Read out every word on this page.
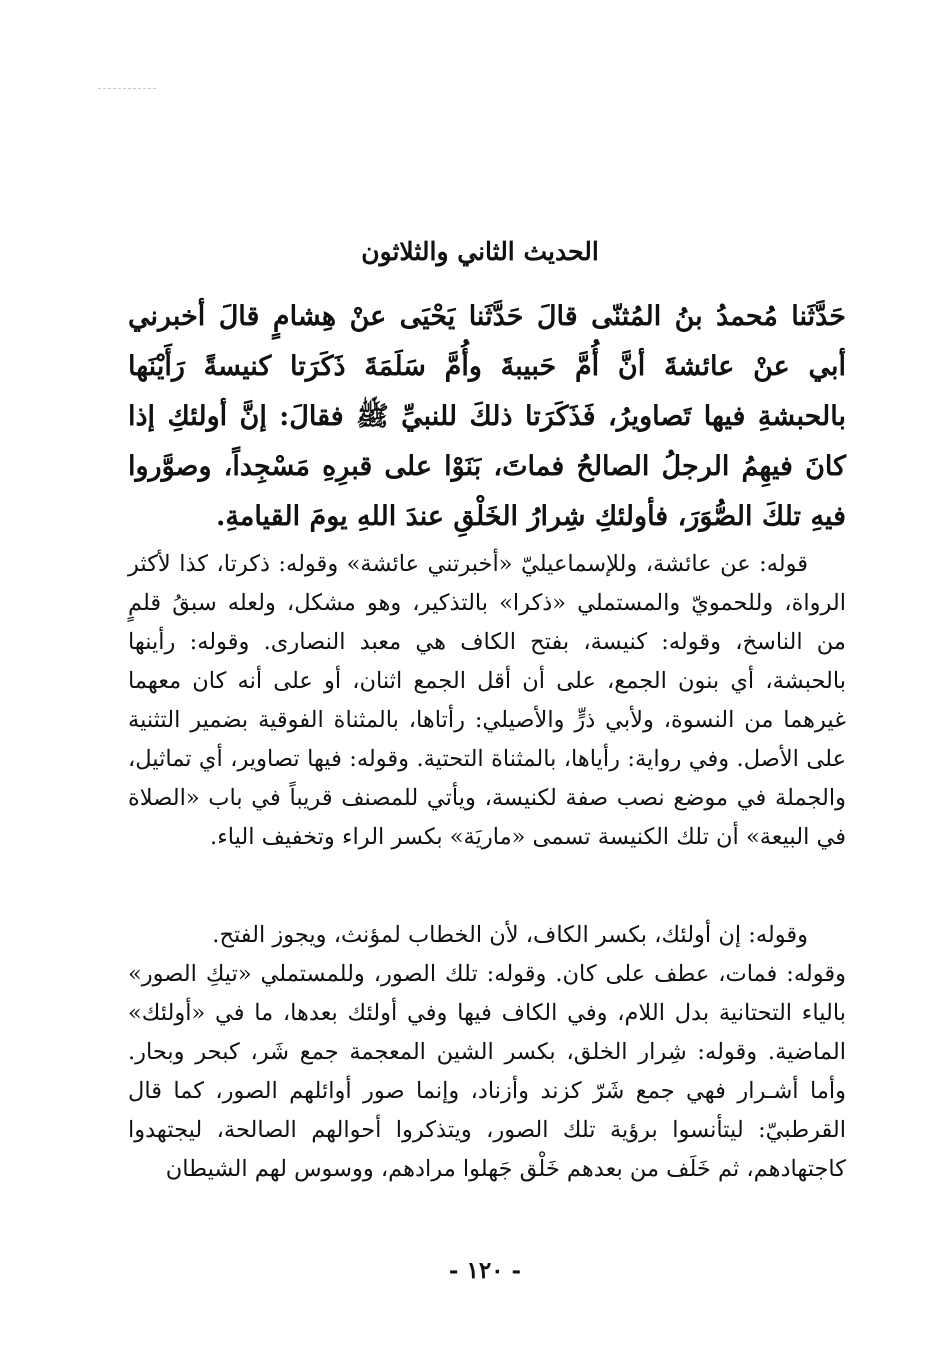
الحديث الثاني والثلاثون

حَدَّثَنا مُحمدُ بنُ المُثنّى قالَ حَدَّثَنا يَحْيَى عنْ هِشامٍ قالَ أخبرني أبي عنْ عائشةَ أنَّ أُمَّ حَبيبةَ وأُمَّ سَلَمَةَ ذَكَرَتا كنيسةً رَأَيْنَها بالحبشةِ فيها تَصاويرُ، فَذَكَرَتا ذلكَ للنبيِّ ﷺ فقالَ: إنَّ أولئكِ إذا كانَ فيهِمُ الرجلُ الصالحُ فماتَ، بَنَوْا على قبرِهِ مَسْجِداً، وصوَّروا فيهِ تلكَ الصُّوَرَ، فأولئكِ شِرارُ الخَلْقِ عندَ اللهِ يومَ القيامةِ.

قوله: عن عائشة، وللإسماعيليّ «أخبرتني عائشة» وقوله: ذكرتا، كذا لأكثر الرواة، وللحمويّ والمستملي «ذكرا» بالتذكير، وهو مشكل، ولعله سبقُ قلمٍ من الناسخ، وقوله: كنيسة، بفتح الكاف هي معبد النصارى. وقوله: رأينها بالحبشة، أي بنون الجمع، على أن أقل الجمع اثنان، أو على أنه كان معهما غيرهما من النسوة، ولأبي ذرٍّ والأصيلي: رأتاها، بالمثناة الفوقية بضمير التثنية على الأصل. وفي رواية: رأياها، بالمثناة التحتية. وقوله: فيها تصاوير، أي تماثيل، والجملة في موضع نصب صفة لكنيسة، ويأتي للمصنف قريباً في باب «الصلاة في البيعة» أن تلك الكنيسة تسمى «ماريَة» بكسر الراء وتخفيف الياء.

وقوله: إن أولئك، بكسر الكاف، لأن الخطاب لمؤنث، ويجوز الفتح.

وقوله: فمات، عطف على كان. وقوله: تلك الصور، وللمستملي «تيكِ الصور» بالياء التحتانية بدل اللام، وفي الكاف فيها وفي أولئك بعدها، ما في «أولئك» الماضية. وقوله: شِرار الخلق، بكسر الشين المعجمة جمع شَر، كبحر وبحار. وأما أشـرار فهي جمع شَرّ كزند وأزناد، وإنما صور أوائلهم الصور، كما قال القرطبيّ: ليتأنسوا برؤية تلك الصور، ويتذكروا أحوالهم الصالحة، ليجتهدوا كاجتهادهم، ثم خَلَف من بعدهم خَلْق جَهلوا مرادهم، ووسوس لهم الشيطان

- ١٢٠ -
